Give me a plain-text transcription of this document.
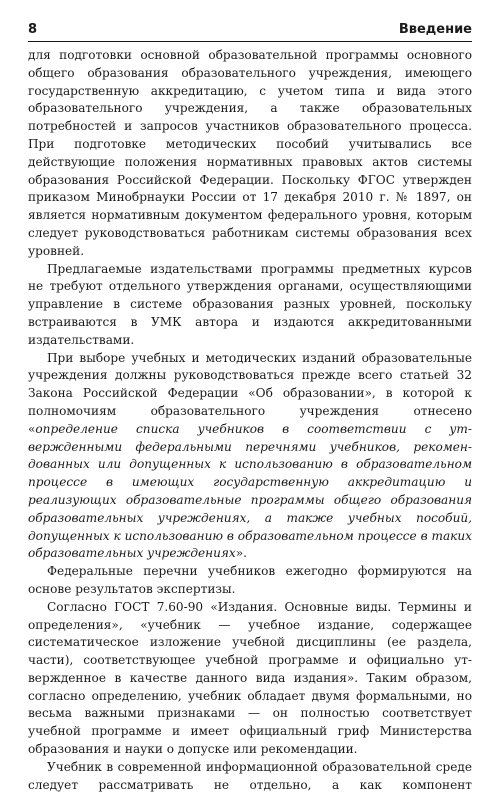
8	Введение

для подготовки основной образовательной программы основного общего образования образовательного учреждения, имеющего государственную аккредитацию, с учетом типа и вида этого образовательного учреждения, а также образовательных потребностей и запросов участников образовательного процесса. При подготовке методических пособий учитывались все действующие положения нормативных правовых актов системы образования Российской Федерации. Поскольку ФГОС утвержден приказом Минобрнауки России от 17 декабря 2010 г. № 1897, он является нормативным документом федерального уровня, которым следует руководствоваться работникам системы образования всех уровней.

Предлагаемые издательствами программы предметных курсов не требуют отдельного утверждения органами, осуществляющими управление в системе образования разных уровней, поскольку встраиваются в УМК автора и издаются аккредитованными издательствами.

При выборе учебных и методических изданий образовательные учреждения должны руководствоваться прежде всего статьей 32 Закона Российской Федерации «Об образовании», в которой к полномочиям образовательного учреждения отнесено «определение списка учебников в соответствии с утвержденными федеральными перечнями учебников, рекомендованных или допущенных к использованию в образовательном процессе в имеющих государственную аккредитацию и реализующих образовательные программы общего образования образовательных учреждениях, а также учебных пособий, допущенных к использованию в образовательном процессе в таких образовательных учреждениях».

Федеральные перечни учебников ежегодно формируются на основе результатов экспертизы.

Согласно ГОСТ 7.60-90 «Издания. Основные виды. Термины и определения», «учебник — учебное издание, содержащее систематическое изложение учебной дисциплины (ее раздела, части), соответствующее учебной программе и официально утвержденное в качестве данного вида издания». Таким образом, согласно определению, учебник обладает двумя формальными, но весьма важными признаками — он полностью соответствует учебной программе и имеет официальный гриф Министерства образования и науки о допуске или рекомендации.

Учебник в современной информационной образовательной среде следует рассматривать не отдельно, а как компонент
